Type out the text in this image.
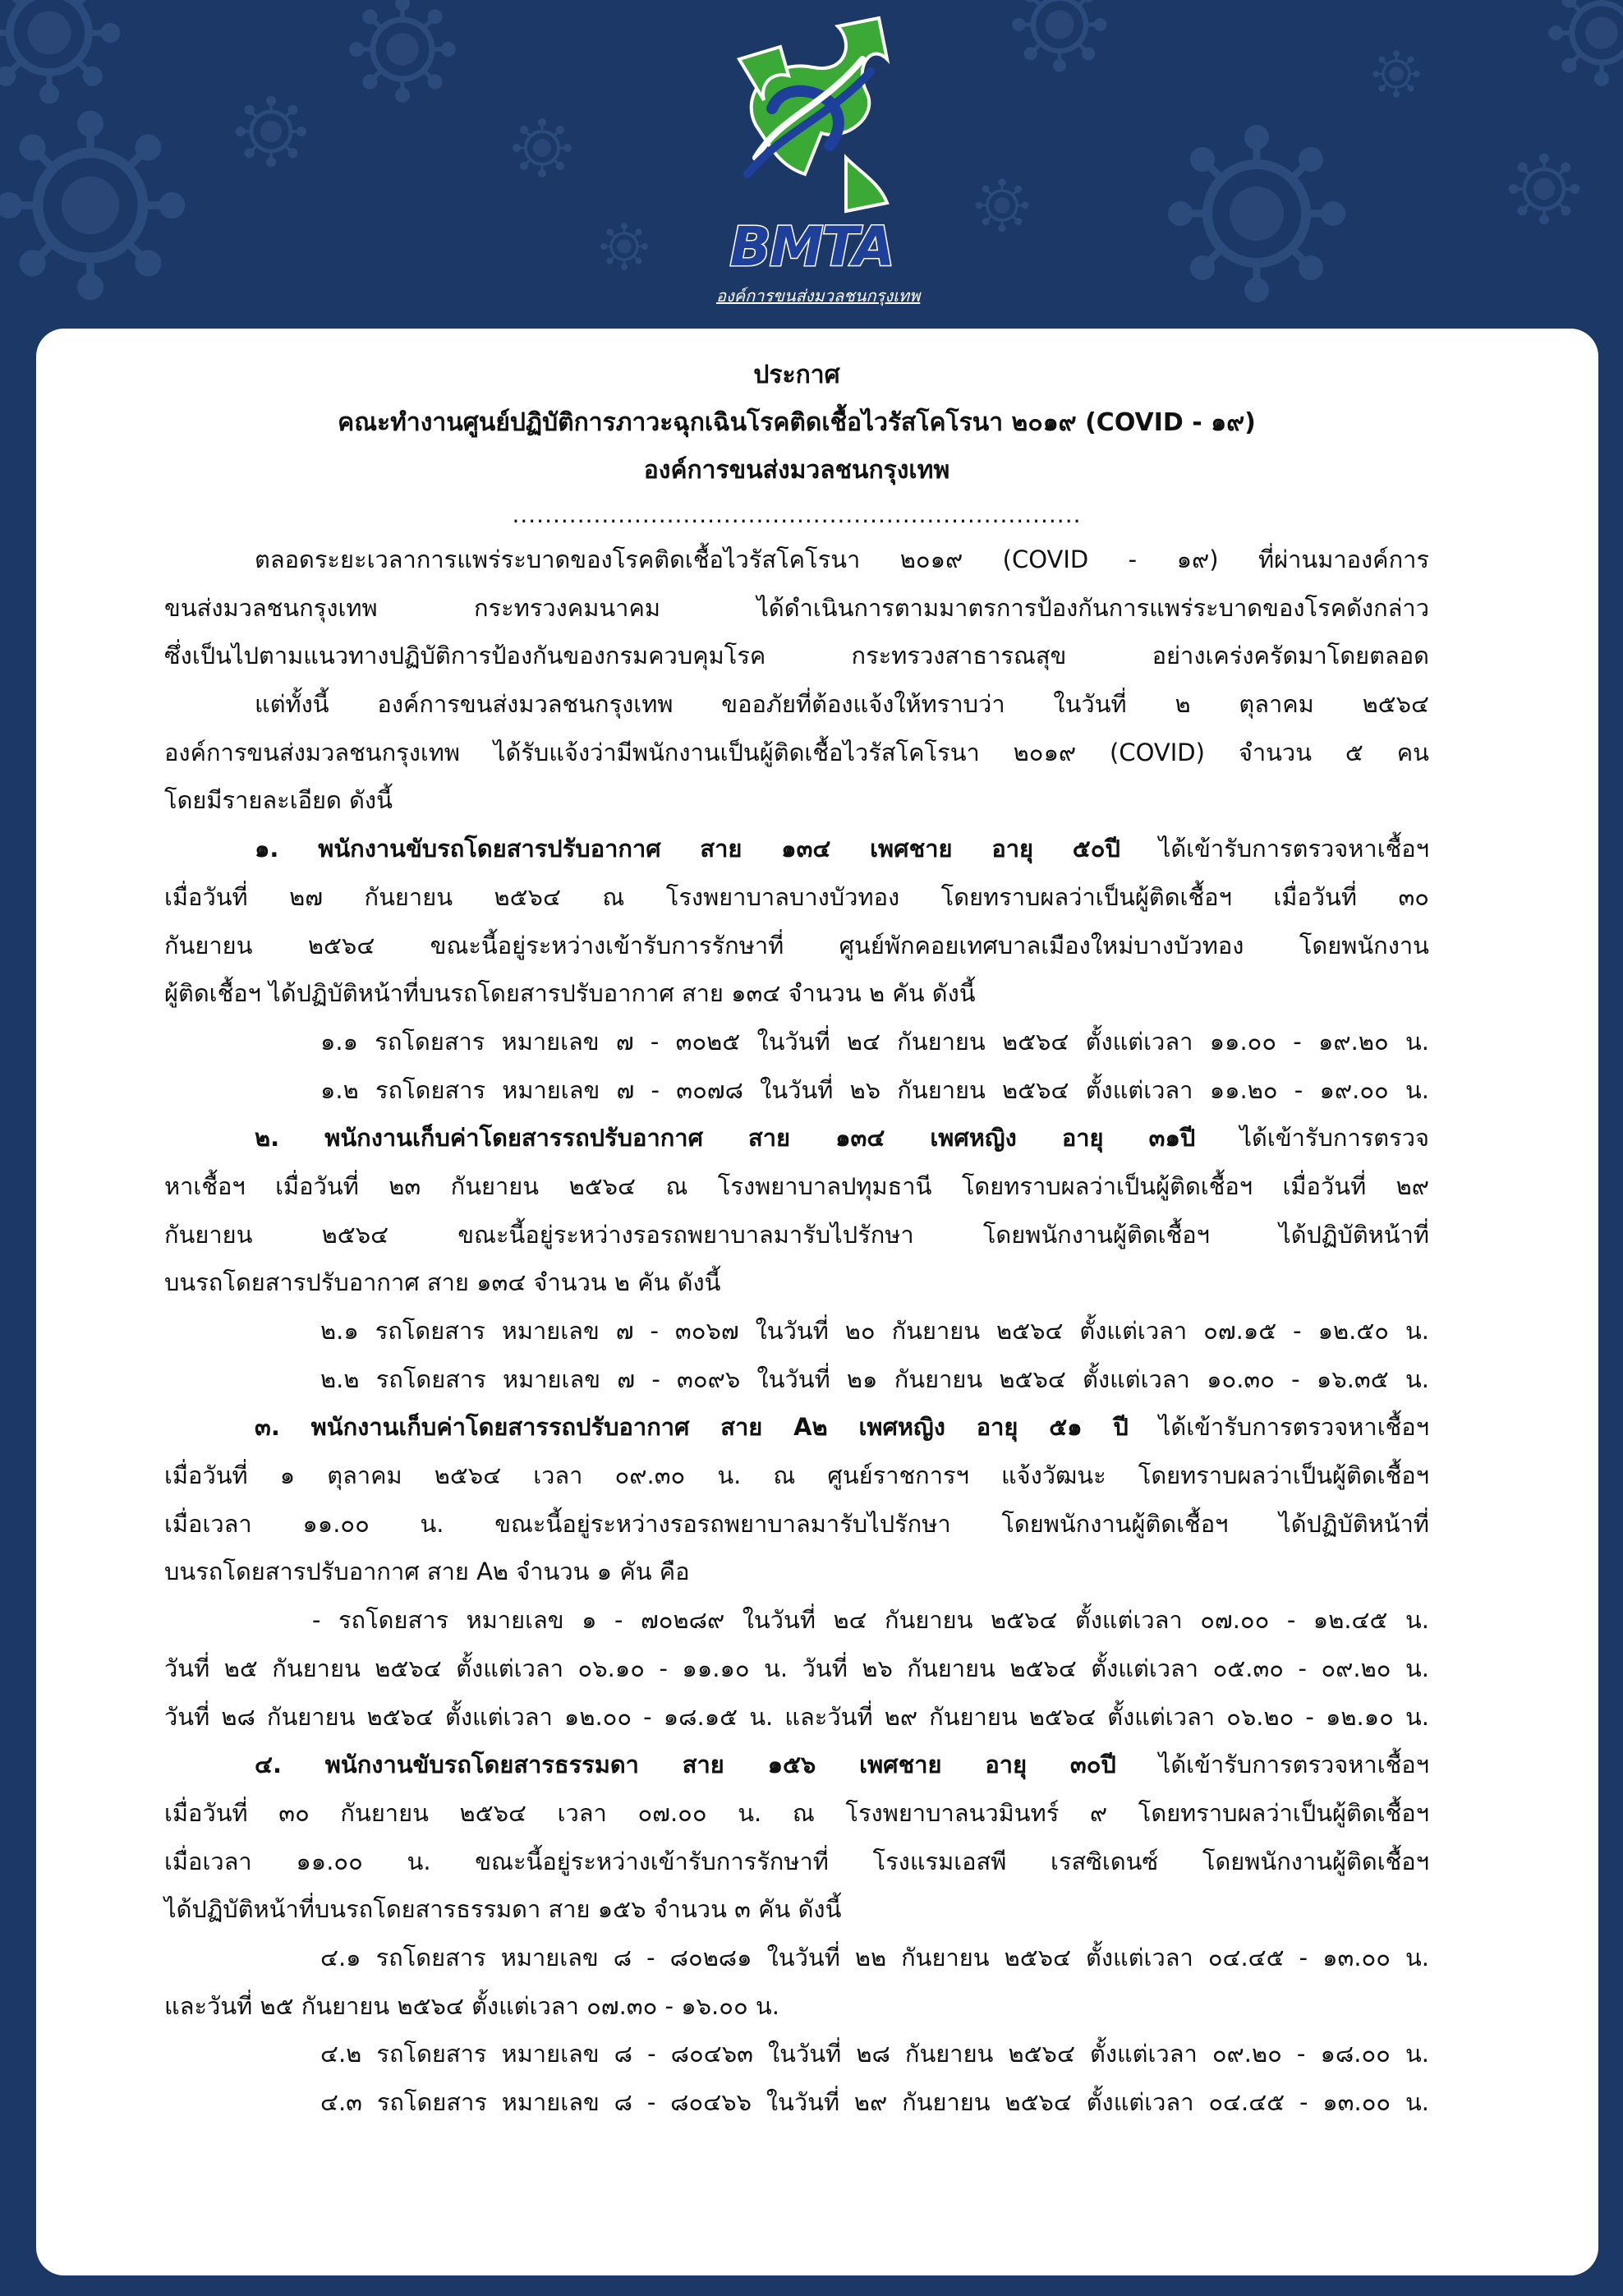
BMTA
องค์การขนส่งมวลชนกรุงเทพ
ประกาศ
คณะทำงานศูนย์ปฏิบัติการภาวะฉุกเฉินโรคติดเชื้อไวรัสโคโรนา ๒๐๑๙ (COVID - ๑๙)
องค์การขนส่งมวลชนกรุงเทพ
......................................................................
ตลอดระยะเวลาการแพร่ระบาดของโรคติดเชื้อไวรัสโคโรนา ๒๐๑๙ (COVID - ๑๙) ที่ผ่านมาองค์การ
ขนส่งมวลชนกรุงเทพ กระทรวงคมนาคม ได้ดำเนินการตามมาตรการป้องกันการแพร่ระบาดของโรคดังกล่าว
ซึ่งเป็นไปตามแนวทางปฏิบัติการป้องกันของกรมควบคุมโรค กระทรวงสาธารณสุข อย่างเคร่งครัดมาโดยตลอด
แต่ทั้งนี้ องค์การขนส่งมวลชนกรุงเทพ ขออภัยที่ต้องแจ้งให้ทราบว่า ในวันที่ ๒ ตุลาคม ๒๕๖๔
องค์การขนส่งมวลชนกรุงเทพ ได้รับแจ้งว่ามีพนักงานเป็นผู้ติดเชื้อไวรัสโคโรนา ๒๐๑๙ (COVID) จำนวน ๕ คน
โดยมีรายละเอียด ดังนี้
๑. พนักงานขับรถโดยสารปรับอากาศ สาย ๑๓๔ เพศชาย อายุ ๕๐ปี ได้เข้ารับการตรวจหาเชื้อฯ
เมื่อวันที่ ๒๗ กันยายน ๒๕๖๔ ณ โรงพยาบาลบางบัวทอง โดยทราบผลว่าเป็นผู้ติดเชื้อฯ เมื่อวันที่ ๓๐
กันยายน ๒๕๖๔ ขณะนี้อยู่ระหว่างเข้ารับการรักษาที่ ศูนย์พักคอยเทศบาลเมืองใหม่บางบัวทอง โดยพนักงาน
ผู้ติดเชื้อฯ ได้ปฏิบัติหน้าที่บนรถโดยสารปรับอากาศ สาย ๑๓๔ จำนวน ๒ คัน ดังนี้
๑.๑ รถโดยสาร หมายเลข ๗ - ๓๐๒๕ ในวันที่ ๒๔ กันยายน ๒๕๖๔ ตั้งแต่เวลา ๑๑.๐๐ - ๑๙.๒๐ น.
๑.๒ รถโดยสาร หมายเลข ๗ - ๓๐๗๘ ในวันที่ ๒๖ กันยายน ๒๕๖๔ ตั้งแต่เวลา ๑๑.๒๐ - ๑๙.๐๐ น.
๒. พนักงานเก็บค่าโดยสารรถปรับอากาศ สาย ๑๓๔ เพศหญิง อายุ ๓๑ปี ได้เข้ารับการตรวจ
หาเชื้อฯ เมื่อวันที่ ๒๓ กันยายน ๒๕๖๔ ณ โรงพยาบาลปทุมธานี โดยทราบผลว่าเป็นผู้ติดเชื้อฯ เมื่อวันที่ ๒๙
กันยายน ๒๕๖๔ ขณะนี้อยู่ระหว่างรอรถพยาบาลมารับไปรักษา โดยพนักงานผู้ติดเชื้อฯ ได้ปฏิบัติหน้าที่
บนรถโดยสารปรับอากาศ สาย ๑๓๔ จำนวน ๒ คัน ดังนี้
๒.๑ รถโดยสาร หมายเลข ๗ - ๓๐๖๗ ในวันที่ ๒๐ กันยายน ๒๕๖๔ ตั้งแต่เวลา ๐๗.๑๕ - ๑๒.๕๐ น.
๒.๒ รถโดยสาร หมายเลข ๗ - ๓๐๙๖ ในวันที่ ๒๑ กันยายน ๒๕๖๔ ตั้งแต่เวลา ๑๐.๓๐ - ๑๖.๓๕ น.
๓. พนักงานเก็บค่าโดยสารรถปรับอากาศ สาย A๒ เพศหญิง อายุ ๕๑ ปี ได้เข้ารับการตรวจหาเชื้อฯ
เมื่อวันที่ ๑ ตุลาคม ๒๕๖๔ เวลา ๐๙.๓๐ น. ณ ศูนย์ราชการฯ แจ้งวัฒนะ โดยทราบผลว่าเป็นผู้ติดเชื้อฯ
เมื่อเวลา ๑๑.๐๐ น. ขณะนี้อยู่ระหว่างรอรถพยาบาลมารับไปรักษา โดยพนักงานผู้ติดเชื้อฯ ได้ปฏิบัติหน้าที่
บนรถโดยสารปรับอากาศ สาย A๒ จำนวน ๑ คัน คือ
- รถโดยสาร หมายเลข ๑ - ๗๐๒๘๙ ในวันที่ ๒๔ กันยายน ๒๕๖๔ ตั้งแต่เวลา ๐๗.๐๐ - ๑๒.๔๕ น.
วันที่ ๒๕ กันยายน ๒๕๖๔ ตั้งแต่เวลา ๐๖.๑๐ - ๑๑.๑๐ น. วันที่ ๒๖ กันยายน ๒๕๖๔ ตั้งแต่เวลา ๐๕.๓๐ - ๐๙.๒๐ น.
วันที่ ๒๘ กันยายน ๒๕๖๔ ตั้งแต่เวลา ๑๒.๐๐ - ๑๘.๑๕ น. และวันที่ ๒๙ กันยายน ๒๕๖๔ ตั้งแต่เวลา ๐๖.๒๐ - ๑๒.๑๐ น.
๔. พนักงานขับรถโดยสารธรรมดา สาย ๑๕๖ เพศชาย อายุ ๓๐ปี ได้เข้ารับการตรวจหาเชื้อฯ
เมื่อวันที่ ๓๐ กันยายน ๒๕๖๔ เวลา ๐๗.๐๐ น. ณ โรงพยาบาลนวมินทร์ ๙ โดยทราบผลว่าเป็นผู้ติดเชื้อฯ
เมื่อเวลา ๑๑.๐๐ น. ขณะนี้อยู่ระหว่างเข้ารับการรักษาที่ โรงแรมเอสพี เรสซิเดนซ์ โดยพนักงานผู้ติดเชื้อฯ
ได้ปฏิบัติหน้าที่บนรถโดยสารธรรมดา สาย ๑๕๖ จำนวน ๓ คัน ดังนี้
๔.๑ รถโดยสาร หมายเลข ๘ - ๘๐๒๘๑ ในวันที่ ๒๒ กันยายน ๒๕๖๔ ตั้งแต่เวลา ๐๔.๔๕ - ๑๓.๐๐ น.
และวันที่ ๒๕ กันยายน ๒๕๖๔ ตั้งแต่เวลา ๐๗.๓๐ - ๑๖.๐๐ น.
๔.๒ รถโดยสาร หมายเลข ๘ - ๘๐๔๖๓ ในวันที่ ๒๘ กันยายน ๒๕๖๔ ตั้งแต่เวลา ๐๙.๒๐ - ๑๘.๐๐ น.
๔.๓ รถโดยสาร หมายเลข ๘ - ๘๐๔๖๖ ในวันที่ ๒๙ กันยายน ๒๕๖๔ ตั้งแต่เวลา ๐๔.๔๕ - ๑๓.๐๐ น.
